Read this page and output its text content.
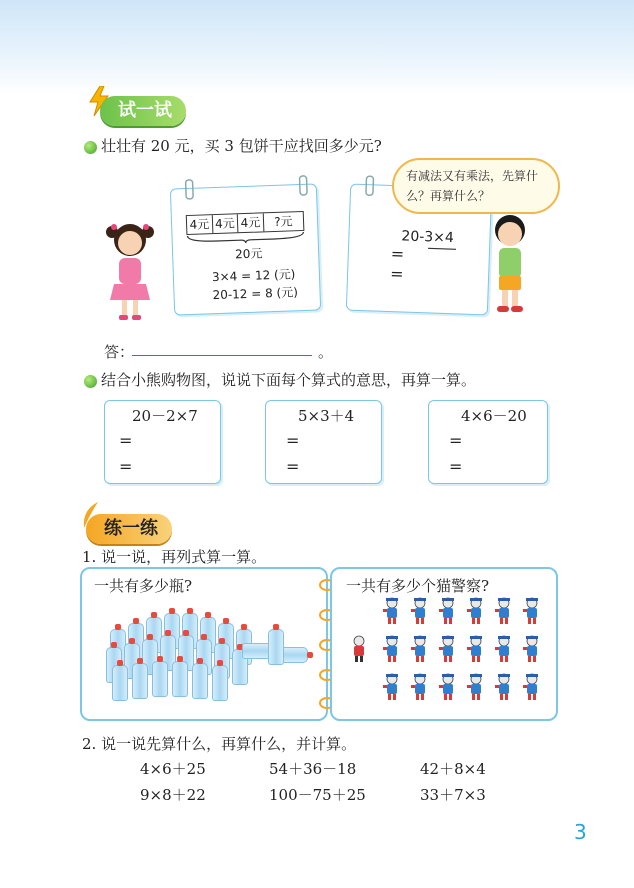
试一试
壮壮有 20 元，买 3 包饼干应找回多少元?
4元 4元 4元	?元
20元
3×4 = 12 (元)
20-12 = 8 (元)
20-3×4
=
=
有减法又有乘法，先算什么？再算什么？
答：	。
结合小熊购物图，说说下面每个算式的意思，再算一算。
20－2×7
=
=
5×3＋4
=
=
4×6－20
=
=
练一练
1. 说一说，再列式算一算。
一共有多少瓶?	一共有多少个猫警察?
2. 说一说先算什么，再算什么，并计算。
4×6＋25	54＋36－18	42＋8×4
9×8＋22	100－75＋25	33＋7×3
3
